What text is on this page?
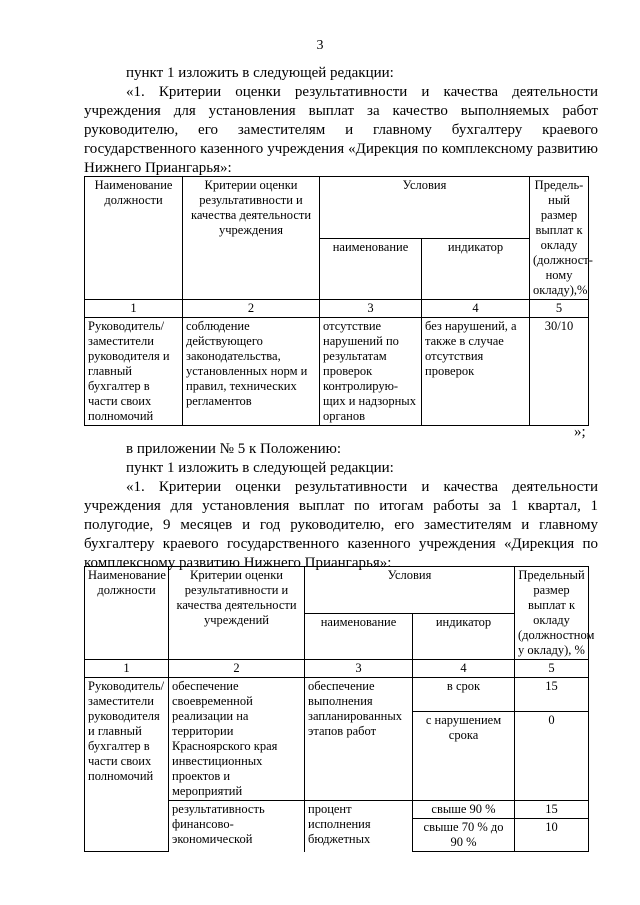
3
пункт 1 изложить в следующей редакции:
«1. Критерии оценки результативности и качества деятельности
учреждения для установления выплат за качество выполняемых работ руководителю, его заместителям и главному бухгалтеру краевого государственного казенного учреждения «Дирекция по комплексному развитию Нижнего Приангарья»:
Наименование должности	Критерии оценки результативности и качества деятельности учреждения	Условия		Предель-ный размер выплат к окладу (должност-ному окладу),%
		наименование	индикатор	
1	2	3	4	5
Руководитель/ заместители руководителя и главный бухгалтер в части своих полномочий	соблюдение действующего законодательства, установленных норм и правил, технических регламентов	отсутствие нарушений по результатам проверок контролирую-щих и надзорных органов	без нарушений, а также в случае отсутствия проверок	30/10
»;
в приложении № 5 к Положению:
пункт 1 изложить в следующей редакции:
«1. Критерии оценки результативности и качества деятельности
учреждения для установления выплат по итогам работы за 1 квартал, 1 полугодие, 9 месяцев и год руководителю, его заместителям и главному бухгалтеру краевого государственного казенного учреждения «Дирекция по комплексному развитию Нижнего Приангарья»:
Наименование должности	Критерии оценки результативности и качества деятельности учреждений	Условия		Предельный размер выплат к окладу (должностном у окладу), %
		наименование	индикатор	
1	2	3	4	5
Руководитель/ заместители руководителя и главный бухгалтер в части своих полномочий	обеспечение своевременной реализации на территории Красноярского края инвестиционных проектов и мероприятий	обеспечение выполнения запланированных этапов работ	в срок	15
			с нарушением срока	0
	результативность финансово-экономической	процент исполнения бюджетных	свыше 90 %	15
			свыше 70 % до 90 %	10
